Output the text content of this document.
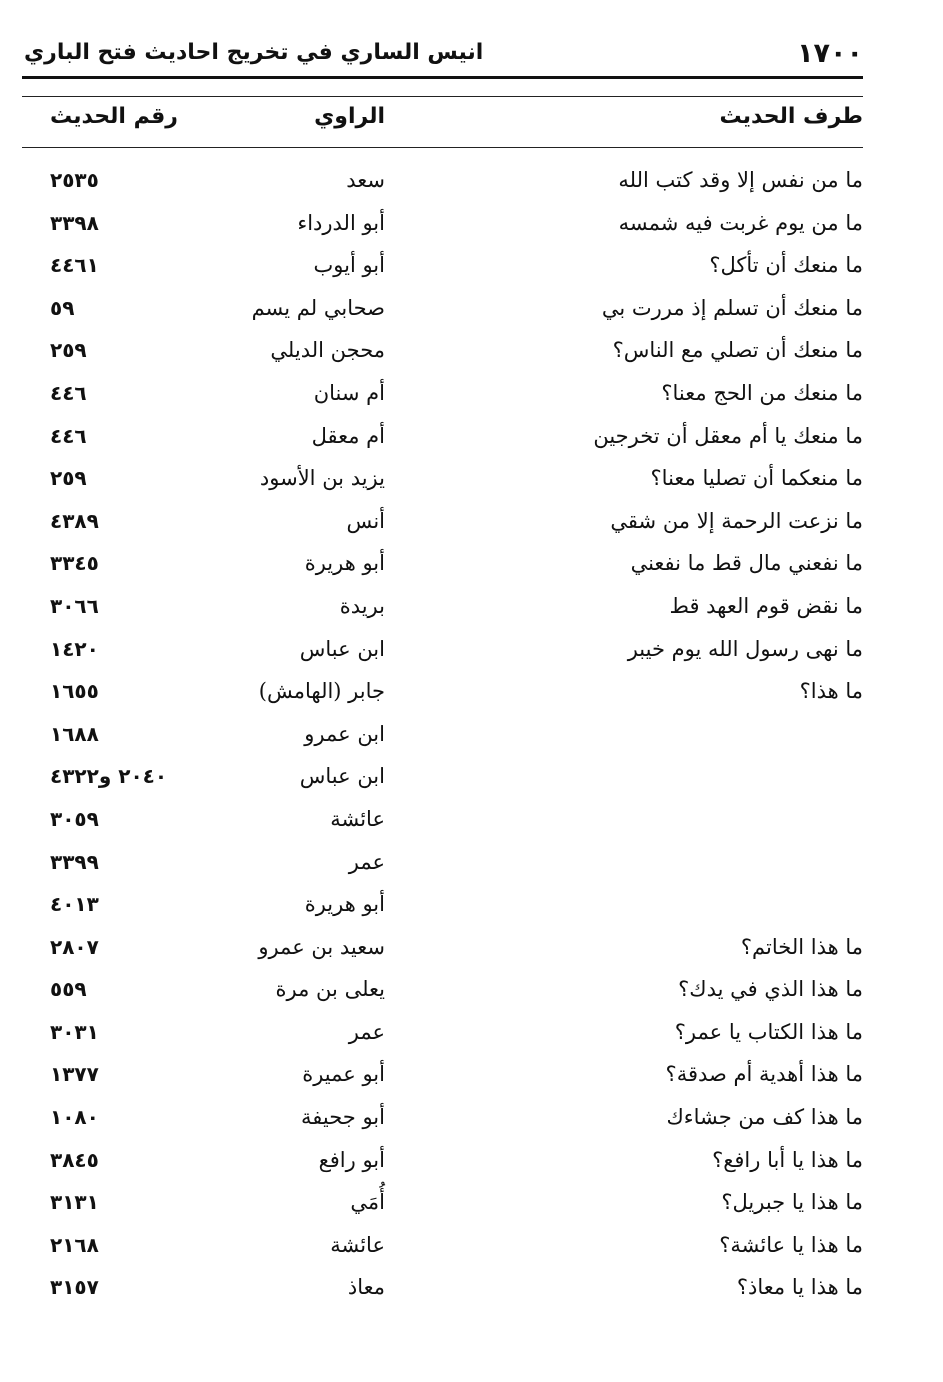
١٧٠٠
انيس الساري في تخريج احاديث فتح الباري
طرف الحديث
الراوي
رقم الحديث
ما من نفس إلا وقد كتب الله
سعد
٢٥٣٥
ما من يوم غربت فيه شمسه
أبو الدرداء
٣٣٩٨
ما منعك أن تأكل؟
أبو أيوب
٤٤٦١
ما منعك أن تسلم إذ مررت بي
صحابي لم يسم
٥٩
ما منعك أن تصلي مع الناس؟
محجن الديلي
٢٥٩
ما منعك من الحج معنا؟
أم سنان
٤٤٦
ما منعك يا أم معقل أن تخرجين
أم معقل
٤٤٦
ما منعكما أن تصليا معنا؟
يزيد بن الأسود
٢٥٩
ما نزعت الرحمة إلا من شقي
أنس
٤٣٨٩
ما نفعني مال قط ما نفعني
أبو هريرة
٣٣٤٥
ما نقض قوم العهد قط
بريدة
٣٠٦٦
ما نهى رسول الله يوم خيبر
ابن عباس
١٤٢٠
ما هذا؟
جابر (الهامش)
١٦٥٥
ابن عمرو
١٦٨٨
ابن عباس
٢٠٤٠ و٤٣٢٢
عائشة
٣٠٥٩
عمر
٣٣٩٩
أبو هريرة
٤٠١٣
ما هذا الخاتم؟
سعيد بن عمرو
٢٨٠٧
ما هذا الذي في يدك؟
يعلى بن مرة
٥٥٩
ما هذا الكتاب يا عمر؟
عمر
٣٠٣١
ما هذا أهدية أم صدقة؟
أبو عميرة
١٣٧٧
ما هذا كف من جشاءك
أبو جحيفة
١٠٨٠
ما هذا يا أبا رافع؟
أبو رافع
٣٨٤٥
ما هذا يا جبريل؟
أُمَي
٣١٣١
ما هذا يا عائشة؟
عائشة
٢١٦٨
ما هذا يا معاذ؟
معاذ
٣١٥٧
